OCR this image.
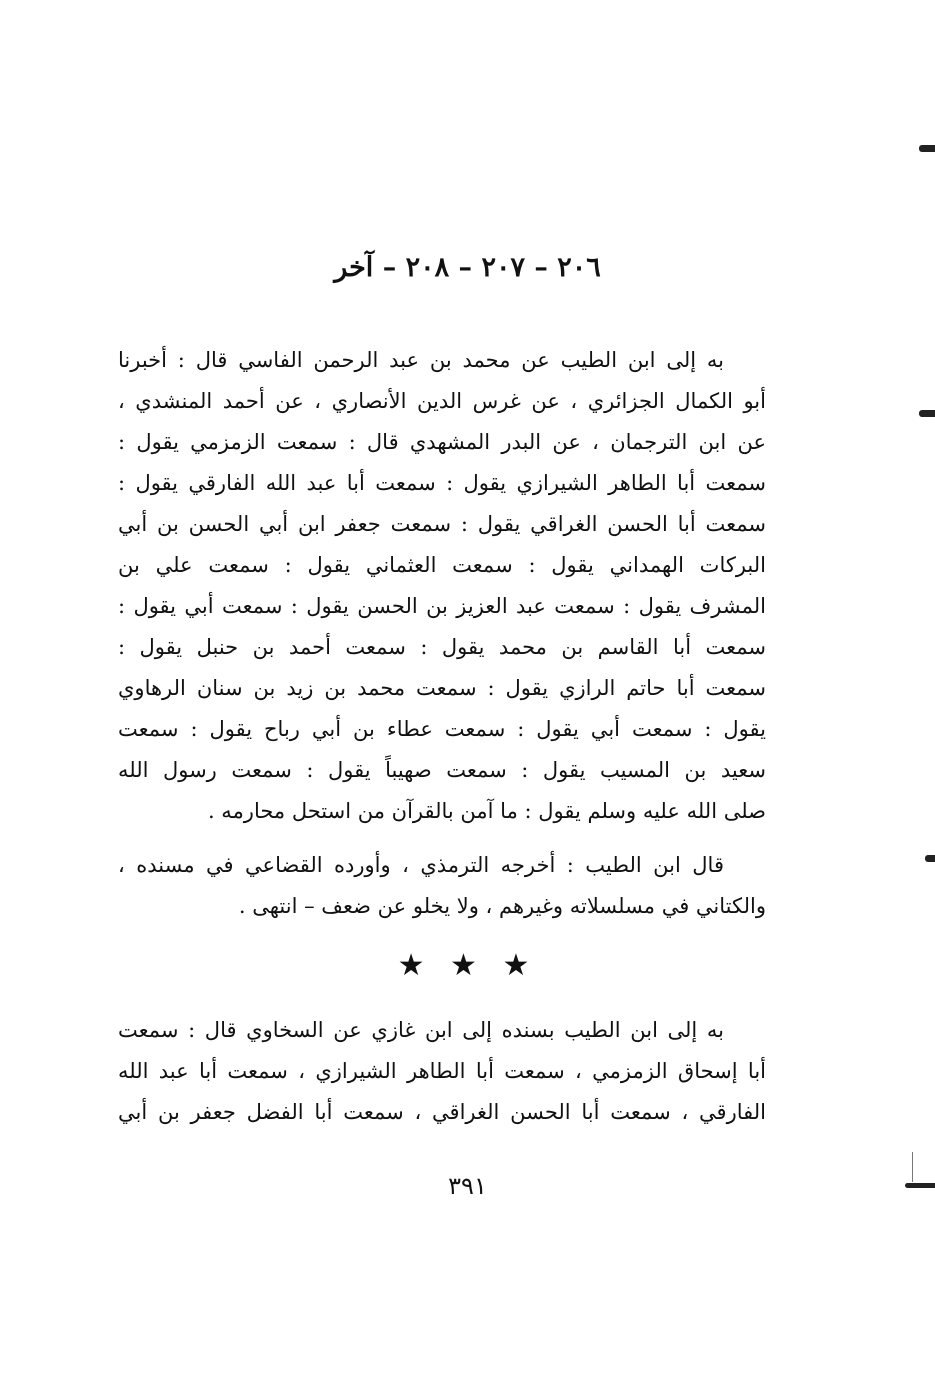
٢٠٦ – ٢٠٧ – ٢٠٨ – آخر
به إلى ابن الطيب عن محمد بن عبد الرحمن الفاسي قال : أخبرنا
أبو الكمال الجزائري ، عن غرس الدين الأنصاري ، عن أحمد المنشدي ،
عن ابن الترجمان ، عن البدر المشهدي قال : سمعت الزمزمي يقول :
سمعت أبا الطاهر الشيرازي يقول : سمعت أبا عبد الله الفارقي يقول :
سمعت أبا الحسن الغراقي يقول : سمعت جعفر ابن أبي الحسن بن أبي
البركات الهمداني يقول : سمعت العثماني يقول : سمعت علي بن
المشرف يقول : سمعت عبد العزيز بن الحسن يقول : سمعت أبي يقول :
سمعت أبا القاسم بن محمد يقول : سمعت أحمد بن حنبل يقول :
سمعت أبا حاتم الرازي يقول : سمعت محمد بن زيد بن سنان الرهاوي
يقول : سمعت أبي يقول : سمعت عطاء بن أبي رباح يقول : سمعت
سعيد بن المسيب يقول : سمعت صهيباً يقول : سمعت رسول الله
صلى الله عليه وسلم يقول : ما آمن بالقرآن من استحل محارمه .
قال ابن الطيب : أخرجه الترمذي ، وأورده القضاعي في مسنده ،
والكتاني في مسلسلاته وغيرهم ، ولا يخلو عن ضعف – انتهى .
★ ★ ★
به إلى ابن الطيب بسنده إلى ابن غازي عن السخاوي قال : سمعت
أبا إسحاق الزمزمي ، سمعت أبا الطاهر الشيرازي ، سمعت أبا عبد الله
الفارقي ، سمعت أبا الحسن الغراقي ، سمعت أبا الفضل جعفر بن أبي
٣٩١
